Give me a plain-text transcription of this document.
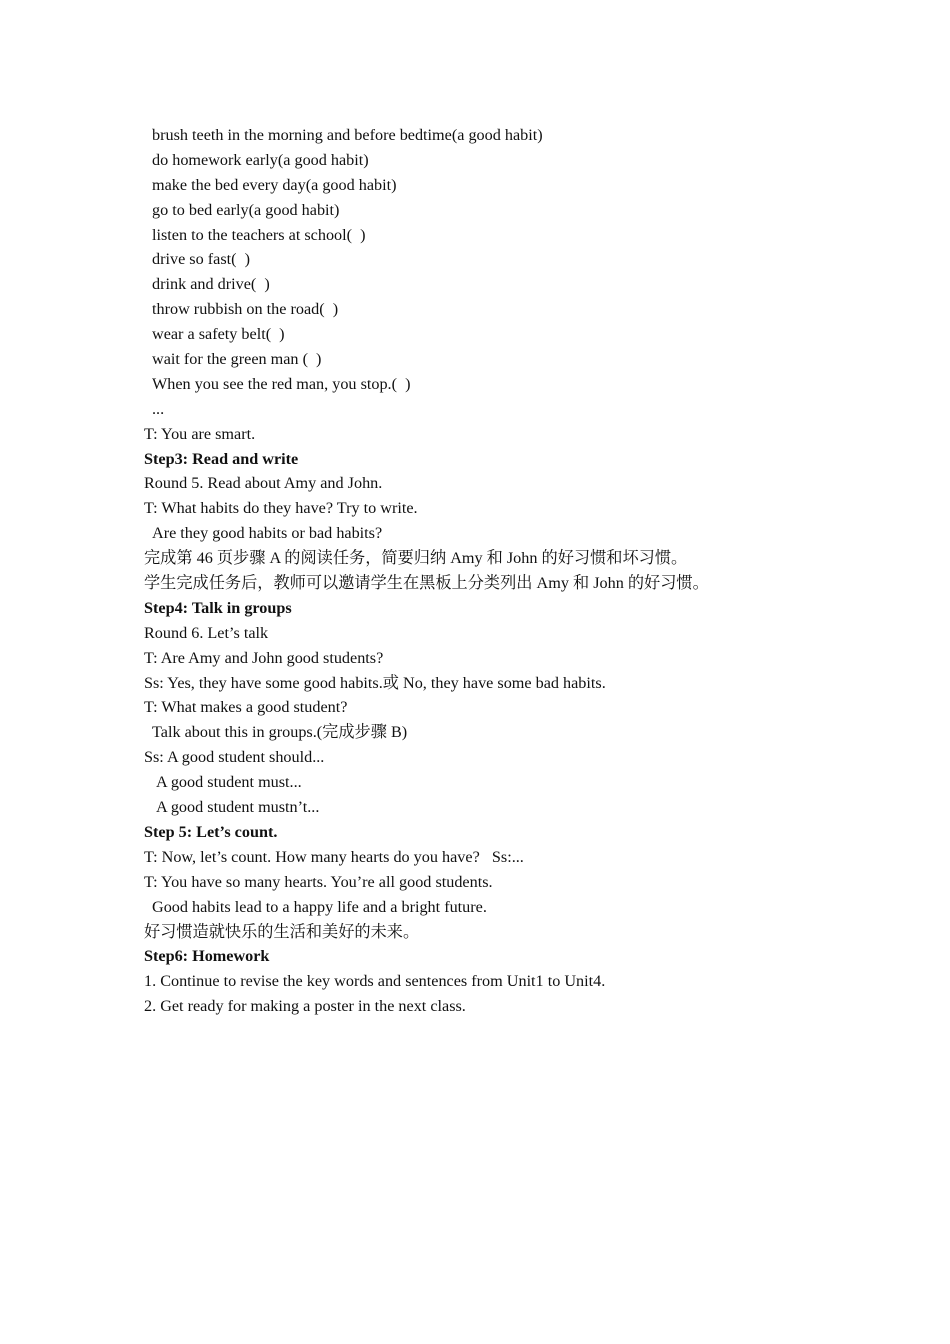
brush teeth in the morning and before bedtime(a good habit)
do homework early(a good habit)
make the bed every day(a good habit)
go to bed early(a good habit)
listen to the teachers at school(  )
drive so fast(  )
drink and drive(  )
throw rubbish on the road(  )
wear a safety belt(  )
wait for the green man (  )
When you see the red man, you stop.(  )
...
T: You are smart.
Step3: Read and write
Round 5. Read about Amy and John.
T: What habits do they have? Try to write.
Are they good habits or bad habits?
完成第 46 页步骤 A 的阅读任务，简要归纳 Amy 和 John 的好习惯和坏习惯。
学生完成任务后，教师可以邀请学生在黑板上分类列出 Amy 和 John 的好习惯。
Step4: Talk in groups
Round 6. Let’s talk
T: Are Amy and John good students?
Ss: Yes, they have some good habits.或 No, they have some bad habits.
T: What makes a good student?
Talk about this in groups.(完成步骤 B)
Ss: A good student should...
A good student must...
A good student mustn’t...
Step 5: Let’s count.
T: Now, let’s count. How many hearts do you have?   Ss:...
T: You have so many hearts. You’re all good students.
Good habits lead to a happy life and a bright future.
好习惯造就快乐的生活和美好的未来。
Step6: Homework
1. Continue to revise the key words and sentences from Unit1 to Unit4.
2. Get ready for making a poster in the next class.
